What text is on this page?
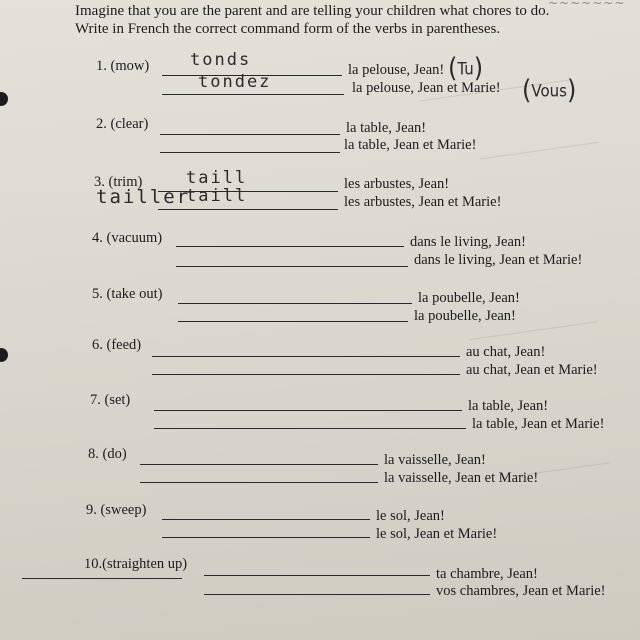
~~~~~~~
Imagine that you are the parent and are telling your children what chores to do.
Write in French the correct command form of the verbs in parentheses.
1. (mow) tonds	la pelouse, Jean! (Tu)
tondez	la pelouse, Jean et Marie! (Vous)
2. (clear)	la table, Jean!
la table, Jean et Marie!
3. (trim)	taill	les arbustes, Jean!
tailler
taill	les arbustes, Jean et Marie!
4. (vacuum)	dans le living, Jean!
dans le living, Jean et Marie!
5. (take out)	la poubelle, Jean!
la poubelle, Jean!
6. (feed)	au chat, Jean!
au chat, Jean et Marie!
7. (set)	la table, Jean!
la table, Jean et Marie!
8. (do)	la vaisselle, Jean!
la vaisselle, Jean et Marie!
9. (sweep)	le sol, Jean!
le sol, Jean et Marie!
10.(straighten up)
ta chambre, Jean!
vos chambres, Jean et Marie!
